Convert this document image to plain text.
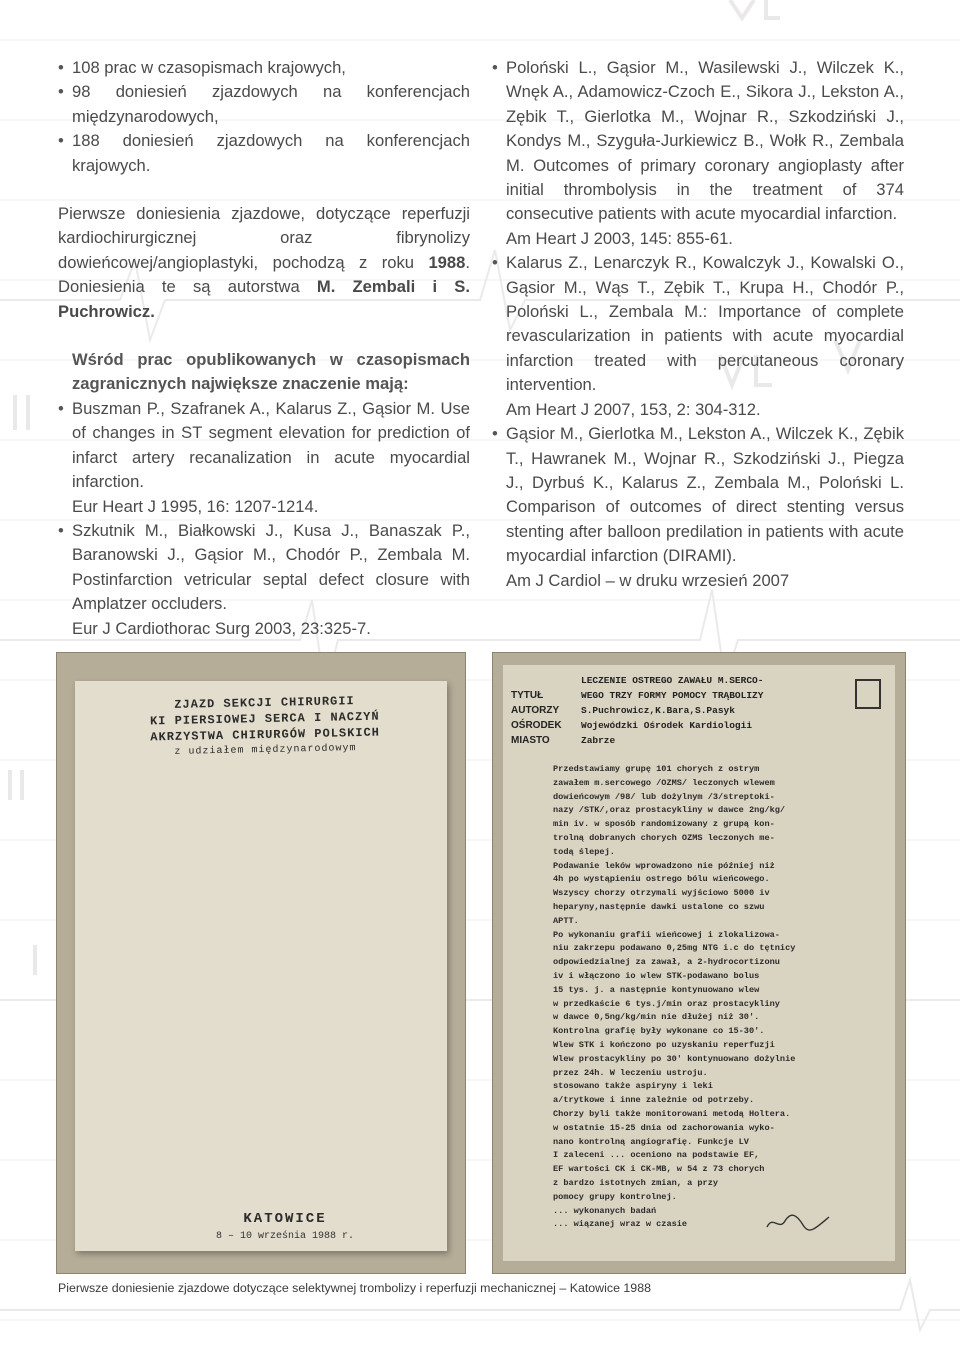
• 108 prac w czasopismach krajowych,
• 98 doniesień zjazdowych na konferencjach międzynarodowych,
• 188 doniesień zjazdowych na konferencjach krajowych.
Pierwsze doniesienia zjazdowe, dotyczące reperfuzji kardiochirurgicznej oraz fibrynolizy dowieńcowej/angioplastyki, pochodzą z roku 1988. Doniesienia te są autorstwa M. Zembali i S. Puchrowicz.
Wśród prac opublikowanych w czasopismach zagranicznych największe znaczenie mają:
• Buszman P., Szafranek A., Kalarus Z., Gąsior M. Use of changes in ST segment elevation for prediction of infarct artery recanalization in acute myocardial infarction.
Eur Heart J 1995, 16: 1207-1214.
• Szkutnik M., Białkowski J., Kusa J., Banaszak P., Baranowski J., Gąsior M., Chodór P., Zembala M. Postinfarction vetricular septal defect closure with Amplatzer occluders.
Eur J Cardiothorac Surg 2003, 23:325-7.
• Poloński L., Gąsior M., Wasilewski J., Wilczek K., Wnęk A., Adamowicz-Czoch E., Sikora J., Lekston A., Zębik T., Gierlotka M., Wojnar R., Szkodziński J., Kondys M., Szyguła-Jurkiewicz B., Wołk R., Zembala M. Outcomes of primary coronary angioplasty after initial thrombolysis in the treatment of 374 consecutive patients with acute myocardial infarction.
Am Heart J 2003, 145: 855-61.
• Kalarus Z., Lenarczyk R., Kowalczyk J., Kowalski O., Gąsior M., Wąs T., Zębik T., Krupa H., Chodór P., Poloński L., Zembala M.: Importance of complete revascularization in patients with acute myocardial infarction treated with percutaneous coronary intervention.
Am Heart J 2007, 153, 2: 304-312.
• Gąsior M., Gierlotka M., Lekston A., Wilczek K., Zębik T., Hawranek M., Wojnar R., Szkodziński J., Piegza J., Dyrbuś K., Kalarus Z., Zembala M., Poloński L. Comparison of outcomes of direct stenting versus stenting after balloon predilation in patients with acute myocardial infarction (DIRAMI).
Am J Cardiol – w druku wrzesień 2007
ZJAZD SEKCJI CHIRURGII
KI PIERSIOWEJ SERCA I NACZYŃ
AKRZYSTWA CHIRURGÓW POLSKICH
z udziałem międzynarodowym
KATOWICE
8 – 10 września 1988 r.
LECZENIE OSTREGO ZAWAŁU M.SERCO-
TYTUŁ	WEGO TRZY FORMY POMOCY TRĄBOLIZY
AUTORZY	S.Puchrowicz,K.Bara,S.Pasyk
OŚRODEK	Wojewódzki Ośrodek Kardiologii
MIASTO	Zabrze
Przedstawiamy grupę 101 chorych z ostrym
zawałem m.sercowego /OZMS/ leczonych wlewem
dowieńcowym /98/ lub dożylnym /3/streptoki-
nazy /STK/,oraz prostacykliny w dawce 2ng/kg/
min iv. w sposób randomizowany z grupą kon-
trolną dobranych chorych OZMS leczonych me-
todą ślepej.
Podawanie leków wprowadzono nie później niż
4h po wystąpieniu ostrego bólu wieńcowego.
Wszyscy chorzy otrzymali wyjściowo 5000 iv
heparyny,następnie dawki ustalone co szwu
APTT.
Po wykonaniu grafii wieńcowej i zlokalizowa-
niu zakrzepu podawano 0,25mg NTG i.c do tętnicy
odpowiedzialnej za zawał, a 2-hydrocortizonu
iv i włączono io wlew STK-podawano bolus
15 tys. j. a następnie kontynuowano wlew
w przedkaście 6 tys.j/min oraz prostacykliny
w dawce 0,5ng/kg/min nie dłużej niż 30'.
Kontrolna grafię były wykonane co 15-30'.
Wlew STK i kończono po uzyskaniu reperfuzji
Wlew prostacykliny po 30' kontynuowano dożylnie
przez 24h. W leczeniu ustroju.
stosowano także aspiryny i leki
a/trytkowe i inne zależnie od potrzeby.
Chorzy byli także monitorowani metodą Holtera.
w ostatnie 15-25 dnia od zachorowania wyko-
nano kontrolną angiografię. Funkcje LV
I zaleceni ... oceniono na podstawie EF,
EF wartości CK i CK-MB, w 54 z 73 chorych
z bardzo istotnych zmian, a przy
pomocy grupy kontrolnej.
... wykonanych badań
... wiązanej wraz w czasie
Pierwsze doniesienie zjazdowe dotyczące selektywnej trombolizy i reperfuzji mechanicznej – Katowice 1988
